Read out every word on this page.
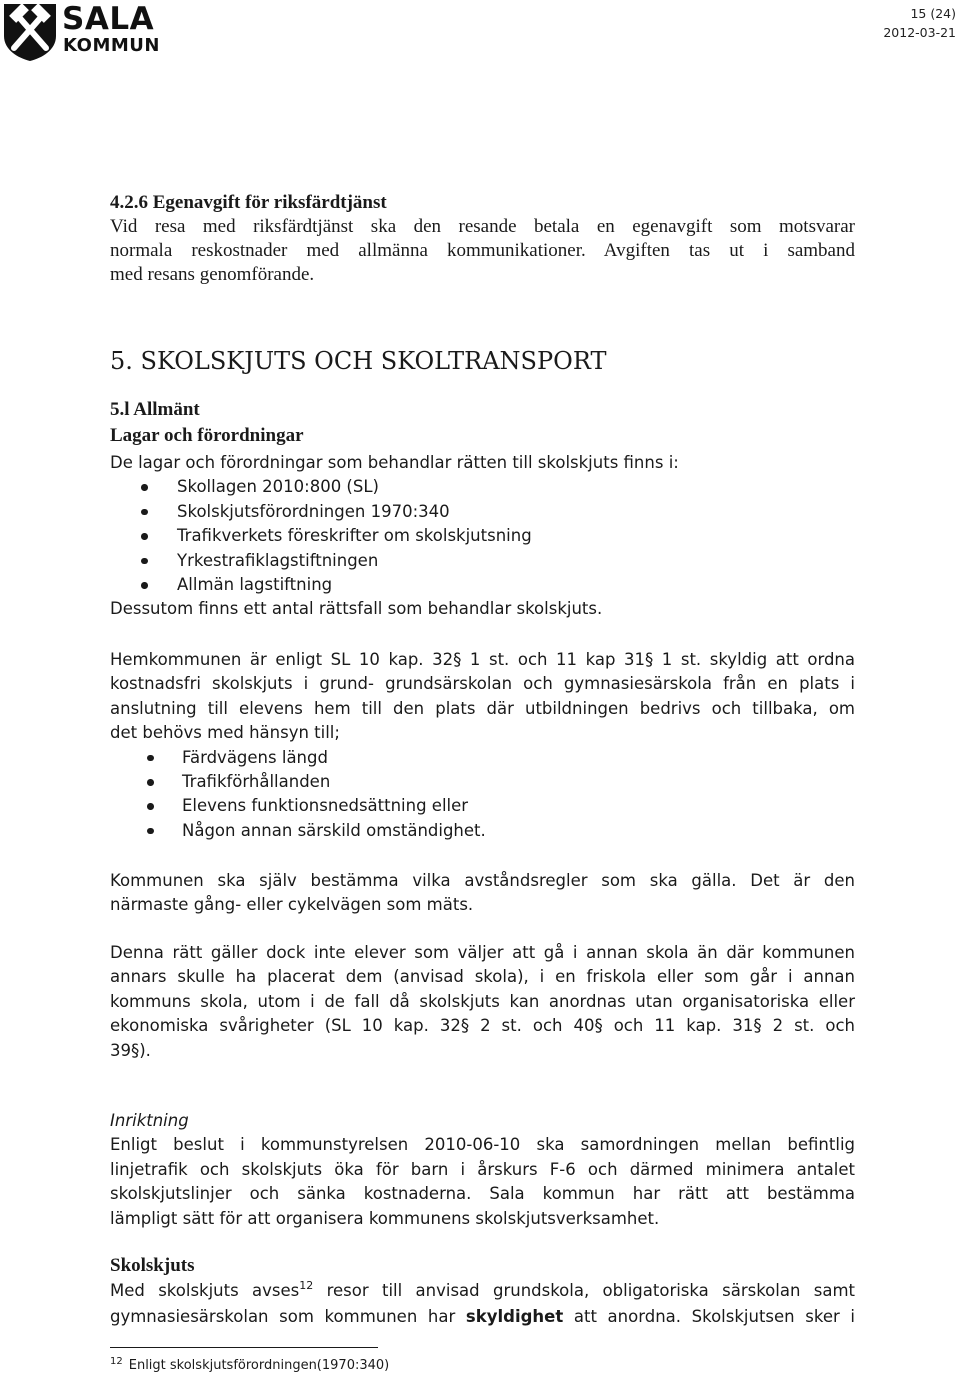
SALA
KOMMUN
15 (24)
2012-03-21

4.2.6 Egenavgift för riksfärdtjänst

Vid resa med riksfärdtjänst ska den resande betala en egenavgift som motsvarar

normala reskostnader med allmänna kommunikationer. Avgiften tas ut i samband

med resans genomförande.

5. SKOLSKJUTS OCH SKOLTRANSPORT
5.l Allmänt
Lagar och förordningar

De lagar och förordningar som behandlar rätten till skolskjuts finns i:

Skollagen 2010:800 (SL)
Skolskjutsförordningen 1970:340
Trafikverkets föreskrifter om skolskjutsning
Yrkestrafiklagstiftningen
Allmän lagstiftning

Dessutom finns ett antal rättsfall som behandlar skolskjuts.

Hemkommunen är enligt SL 10 kap. 32§ 1 st. och 11 kap 31§ 1 st. skyldig att ordna

kostnadsfri skolskjuts i grund- grundsärskolan och gymnasiesärskola från en plats i

anslutning till elevens hem till den plats där utbildningen bedrivs och tillbaka, om

det behövs med hänsyn till;

Färdvägens längd
Trafikförhållanden
Elevens funktionsnedsättning eller
Någon annan särskild omständighet.

Kommunen ska själv bestämma vilka avståndsregler som ska gälla. Det är den

närmaste gång- eller cykelvägen som mäts.

Denna rätt gäller dock inte elever som väljer att gå i annan skola än där kommunen

annars skulle ha placerat dem (anvisad skola), i en friskola eller som går i annan

kommuns skola, utom i de fall då skolskjuts kan anordnas utan organisatoriska eller

ekonomiska svårigheter (SL 10 kap. 32§ 2 st. och 40§ och 11 kap. 31§ 2 st. och

39§).

Inriktning

Enligt beslut i kommunstyrelsen 2010-06-10 ska samordningen mellan befintlig

linjetrafik och skolskjuts öka för barn i årskurs F-6 och därmed minimera antalet

skolskjutslinjer och sänka kostnaderna. Sala kommun har rätt att bestämma

lämpligt sätt för att organisera kommunens skolskjutsverksamhet.

Skolskjuts

Med skolskjuts avses$^{12}$ resor till anvisad grundskola, obligatoriska särskolan samt

gymnasiesärskolan som kommunen har skyldighet att anordna. Skolskjutsen sker i

$^{12}$ Enligt skolskjutsförordningen(1970:340)
